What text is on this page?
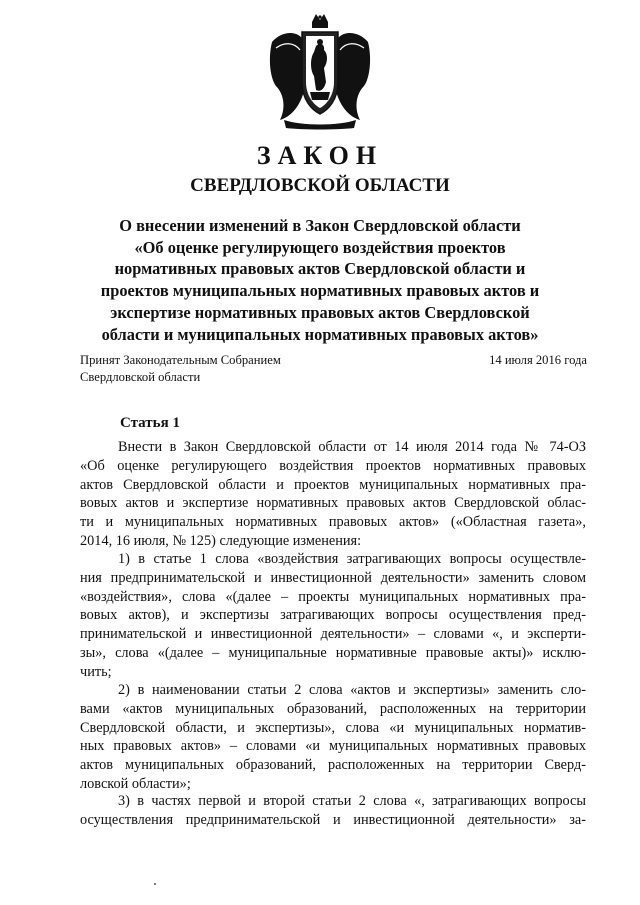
ЗАКОН
СВЕРДЛОВСКОЙ ОБЛАСТИ
О внесении изменений в Закон Свердловской области
«Об оценке регулирующего воздействия проектов
нормативных правовых актов Свердловской области и
проектов муниципальных нормативных правовых актов и
экспертизе нормативных правовых актов Свердловской
области и муниципальных нормативных правовых актов»
Принят Законодательным Собранием
Свердловской области
14 июля 2016 года
Статья 1
Внести в Закон Свердловской области от 14 июля 2014 года № 74-ОЗ
«Об оценке регулирующего воздействия проектов нормативных правовых
актов Свердловской области и проектов муниципальных нормативных пра-
вовых актов и экспертизе нормативных правовых актов Свердловской облас-
ти и муниципальных нормативных правовых актов» («Областная газета»,
2014, 16 июля, № 125) следующие изменения:
1) в статье 1 слова «воздействия затрагивающих вопросы осуществле-
ния предпринимательской и инвестиционной деятельности» заменить словом
«воздействия», слова «(далее – проекты муниципальных нормативных пра-
вовых актов), и экспертизы затрагивающих вопросы осуществления пред-
принимательской и инвестиционной деятельности» – словами «, и эксперти-
зы», слова «(далее – муниципальные нормативные правовые акты)» исклю-
чить;
2) в наименовании статьи 2 слова «актов и экспертизы» заменить сло-
вами «актов муниципальных образований, расположенных на территории
Свердловской области, и экспертизы», слова «и муниципальных норматив-
ных правовых актов» – словами «и муниципальных нормативных правовых
актов муниципальных образований, расположенных на территории Сверд-
ловской области»;
3) в частях первой и второй статьи 2 слова «, затрагивающих вопросы
осуществления предпринимательской и инвестиционной деятельности» за-
